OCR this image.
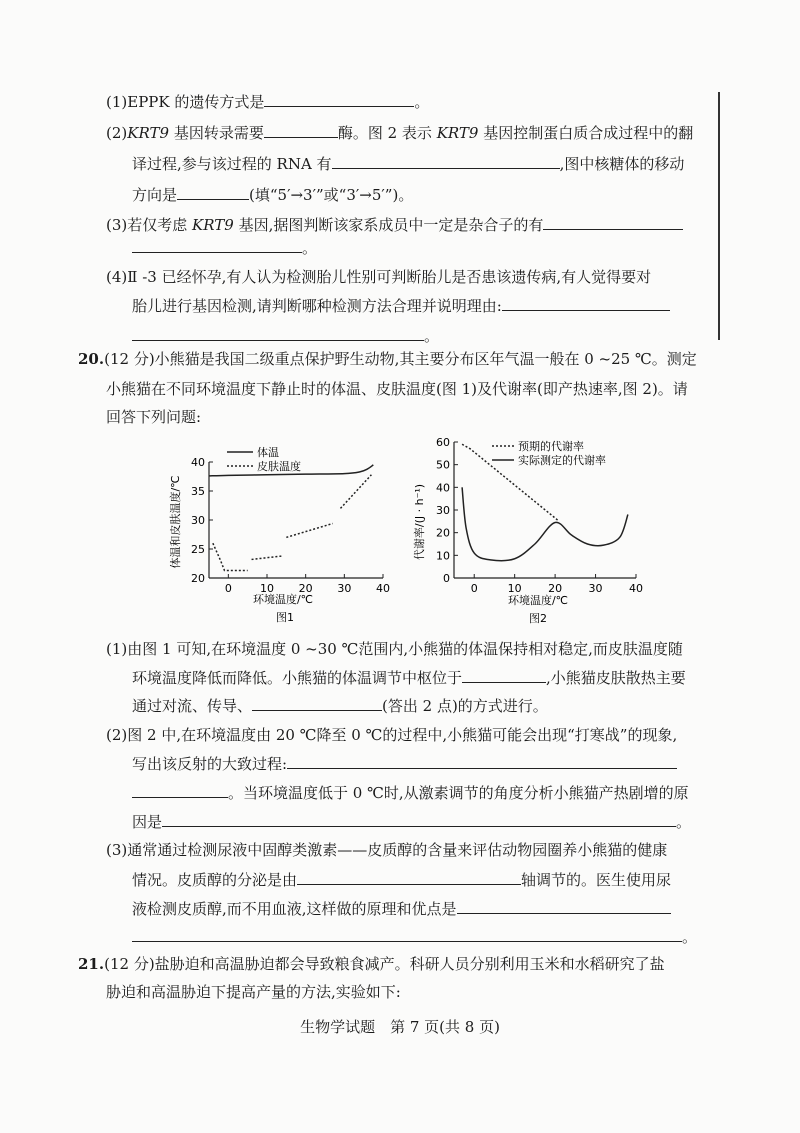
(1)EPPK 的遗传方式是	。
(2)KRT9 基因转录需要	酶。图 2 表示 KRT9 基因控制蛋白质合成过程中的翻
译过程,参与该过程的 RNA 有	,图中核糖体的移动
方向是	(填“5′→3′”或“3′→5′”)。
(3)若仅考虑 KRT9 基因,据图判断该家系成员中一定是杂合子的有
。
(4)Ⅱ -3 已经怀孕,有人认为检测胎儿性别可判断胎儿是否患该遗传病,有人觉得要对
胎儿进行基因检测,请判断哪种检测方法合理并说明理由:
。
20.(12 分)小熊猫是我国二级重点保护野生动物,其主要分布区年气温一般在 0 ~25 ℃。测定
小熊猫在不同环境温度下静止时的体温、皮肤温度(图 1)及代谢率(即产热速率,图 2)。请
回答下列问题:
0	10 20 30 40
20
25
30
35
40
体温
皮肤温度
环境温度/℃
图1
体温和皮肤温度/℃
0	10 20 30 40
0
10
20
30
40
50
60	预期的代谢率
实际测定的代谢率
环境温度/℃
图2
代谢率/(J · h⁻¹)
(1)由图 1 可知,在环境温度 0 ~30 ℃范围内,小熊猫的体温保持相对稳定,而皮肤温度随
环境温度降低而降低。小熊猫的体温调节中枢位于	,小熊猫皮肤散热主要
通过对流、传导、	(答出 2 点)的方式进行。
(2)图 2 中,在环境温度由 20 ℃降至 0 ℃的过程中,小熊猫可能会出现“打寒战”的现象,
写出该反射的大致过程:
。当环境温度低于 0 ℃时,从激素调节的角度分析小熊猫产热剧增的原
因是	。
(3)通常通过检测尿液中固醇类激素——皮质醇的含量来评估动物园圈养小熊猫的健康
情况。皮质醇的分泌是由	轴调节的。医生使用尿
液检测皮质醇,而不用血液,这样做的原理和优点是
。
21.(12 分)盐胁迫和高温胁迫都会导致粮食减产。科研人员分别利用玉米和水稻研究了盐
胁迫和高温胁迫下提高产量的方法,实验如下:
生物学试题　第 7 页(共 8 页)
